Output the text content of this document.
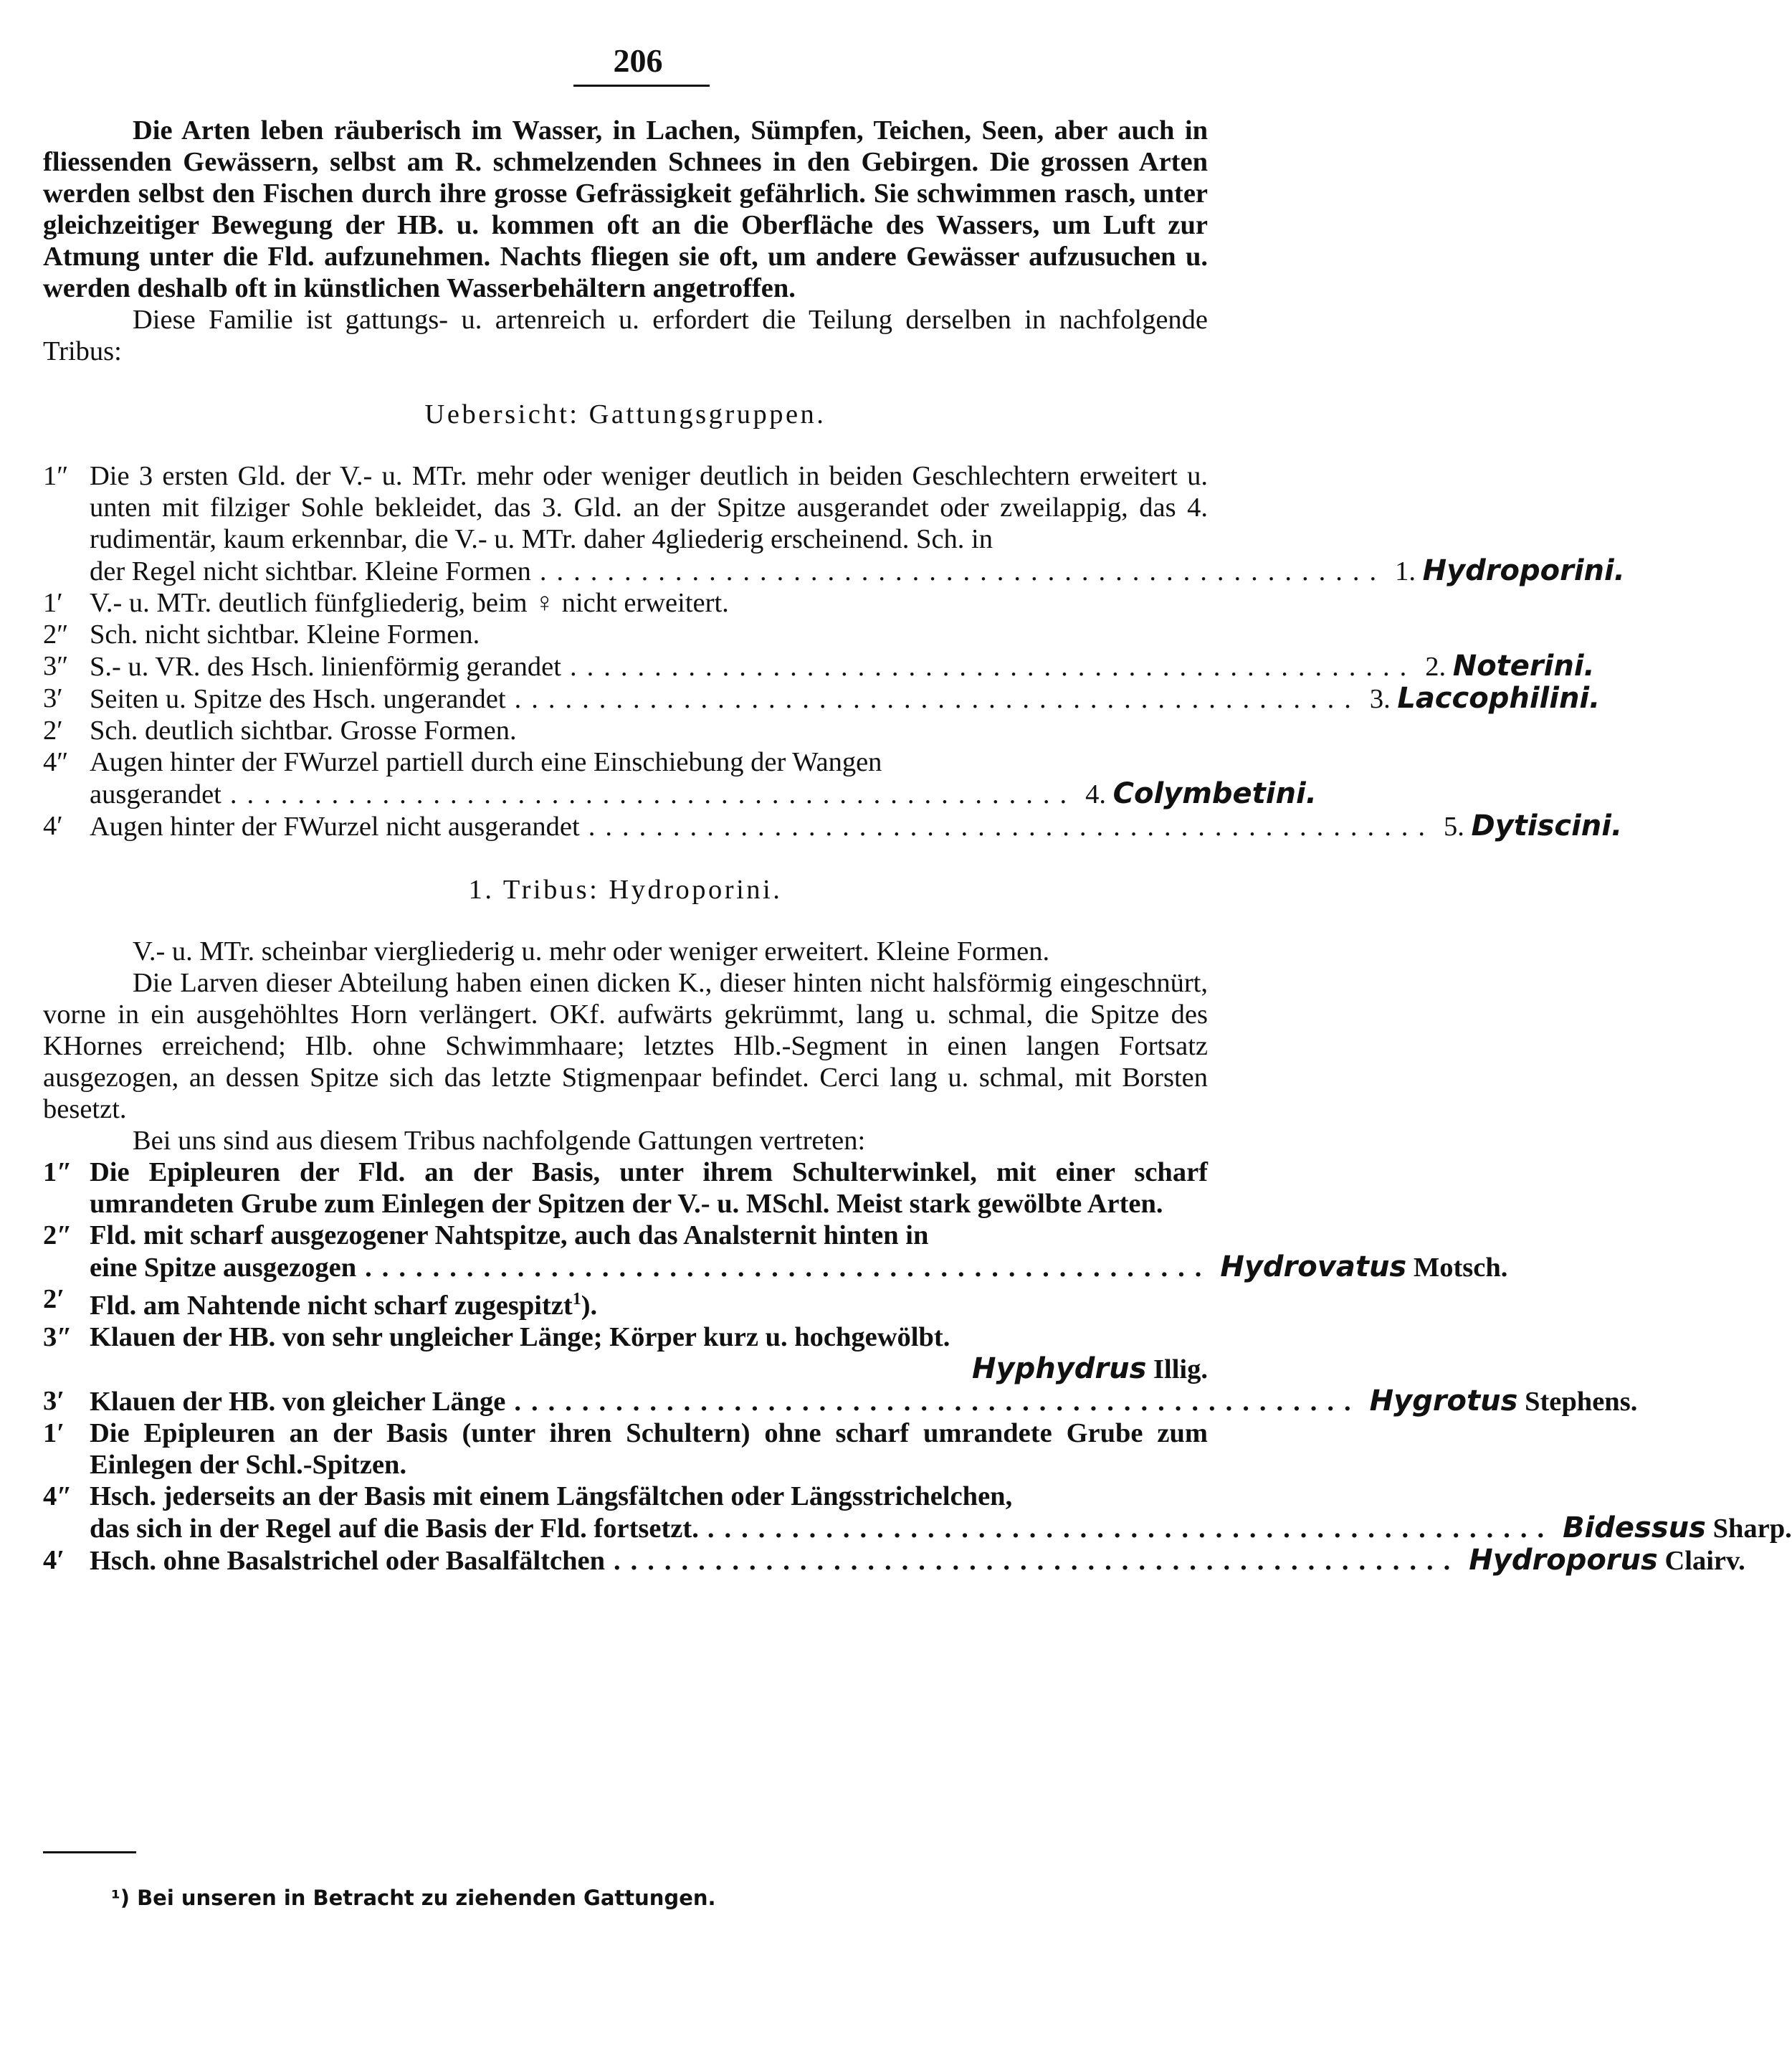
206

Die Arten leben räuberisch im Wasser, in Lachen, Sümpfen, Teichen, Seen, aber auch in fliessenden Gewässern, selbst am R. schmelzenden Schnees in den Gebirgen. Die grossen Arten werden selbst den Fischen durch ihre grosse Gefrässigkeit gefährlich. Sie schwimmen rasch, unter gleichzeitiger Bewegung der HB. u. kommen oft an die Oberfläche des Wassers, um Luft zur Atmung unter die Fld. aufzunehmen. Nachts fliegen sie oft, um andere Gewässer aufzusuchen u. werden deshalb oft in künstlichen Wasserbehältern angetroffen.

Diese Familie ist gattungs- u. artenreich u. erfordert die Teilung derselben in nachfolgende Tribus:

Uebersicht: Gattungsgruppen.
1″ Die 3 ersten Gld. der V.- u. MTr. mehr oder weniger deutlich in beiden Geschlechtern erweitert u. unten mit filziger Sohle bekleidet, das 3. Gld. an der Spitze ausgerandet oder zweilappig, das 4. rudimentär, kaum erkennbar, die V.- u. MTr. daher 4gliederig erscheinend. Sch. in
der Regel nicht sichtbar. Kleine Formen .................................................. 1. Hydroporini.
1′ V.- u. MTr. deutlich fünfgliederig, beim ♀ nicht erweitert.
2″ Sch. nicht sichtbar. Kleine Formen.
3″ S.- u. VR. des Hsch. linienförmig gerandet .................................................. 2. Noterini.
3′ Seiten u. Spitze des Hsch. ungerandet .................................................. 3. Laccophilini.
2′ Sch. deutlich sichtbar. Grosse Formen.
4″ Augen hinter der FWurzel partiell durch eine Einschiebung der Wangen
ausgerandet .................................................. 4. Colymbetini.
4′ Augen hinter der FWurzel nicht ausgerandet .................................................. 5. Dytiscini.
1. Tribus: Hydroporini.

V.- u. MTr. scheinbar viergliederig u. mehr oder weniger erweitert. Kleine Formen.

Die Larven dieser Abteilung haben einen dicken K., dieser hinten nicht halsförmig eingeschnürt, vorne in ein ausgehöhltes Horn verlängert. OKf. aufwärts gekrümmt, lang u. schmal, die Spitze des KHornes erreichend; Hlb. ohne Schwimmhaare; letztes Hlb.-Segment in einen langen Fortsatz ausgezogen, an dessen Spitze sich das letzte Stigmenpaar befindet. Cerci lang u. schmal, mit Borsten besetzt.

Bei uns sind aus diesem Tribus nachfolgende Gattungen vertreten:

1″ Die Epipleuren der Fld. an der Basis, unter ihrem Schulterwinkel, mit einer scharf umrandeten Grube zum Einlegen der Spitzen der V.- u. MSchl. Meist stark gewölbte Arten.
2″ Fld. mit scharf ausgezogener Nahtspitze, auch das Analsternit hinten in
eine Spitze ausgezogen .................................................. Hydrovatus Motsch.
2′ Fld. am Nahtende nicht scharf zugespitzt$^1$).
3″ Klauen der HB. von sehr ungleicher Länge; Körper kurz u. hochgewölbt.
Hyphydrus Illig.
3′ Klauen der HB. von gleicher Länge .................................................. Hygrotus Stephens.
1′ Die Epipleuren an der Basis (unter ihren Schultern) ohne scharf umrandete Grube zum Einlegen der Schl.-Spitzen.
4″ Hsch. jederseits an der Basis mit einem Längsfältchen oder Längsstrichelchen,
das sich in der Regel auf die Basis der Fld. fortsetzt. .................................................. Bidessus Sharp.
4′ Hsch. ohne Basalstrichel oder Basalfältchen .................................................. Hydroporus Clairv.
¹) Bei unseren in Betracht zu ziehenden Gattungen.
